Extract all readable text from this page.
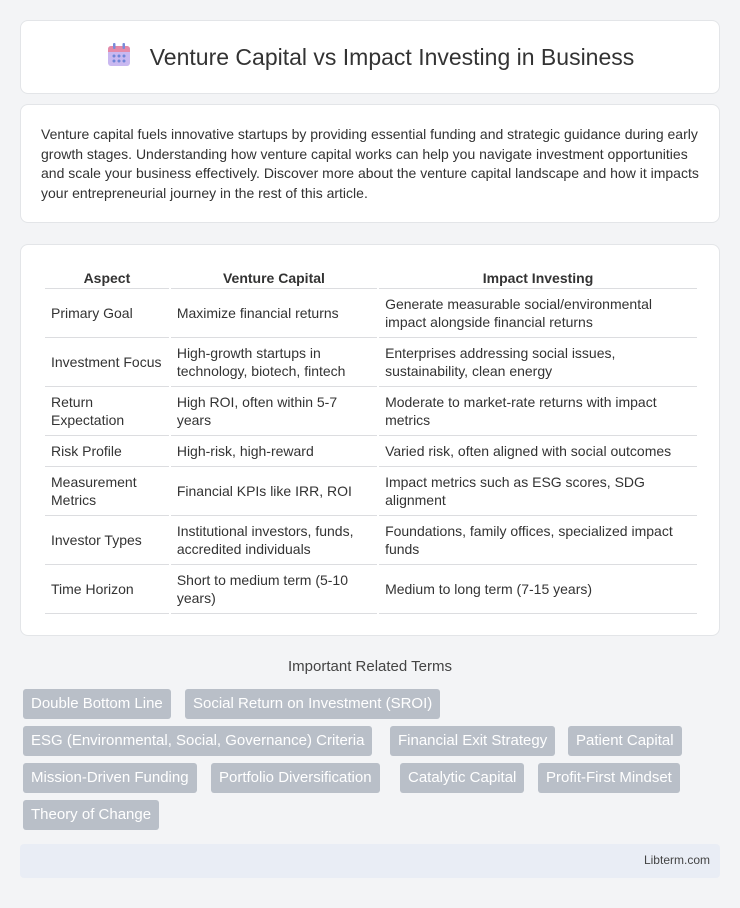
Venture Capital vs Impact Investing in Business

Venture capital fuels innovative startups by providing essential funding and strategic guidance during early growth stages. Understanding how venture capital works can help you navigate investment opportunities and scale your business effectively. Discover more about the venture capital landscape and how it impacts your entrepreneurial journey in the rest of this article.

Aspect	Venture Capital	Impact Investing
Primary Goal	Maximize financial returns	Generate measurable social/environmental impact alongside financial returns
Investment Focus	High-growth startups in technology, biotech, fintech	Enterprises addressing social issues, sustainability, clean energy
Return Expectation	High ROI, often within 5-7 years	Moderate to market-rate returns with impact metrics
Risk Profile	High-risk, high-reward	Varied risk, often aligned with social outcomes
Measurement Metrics	Financial KPIs like IRR, ROI	Impact metrics such as ESG scores, SDG alignment
Investor Types	Institutional investors, funds, accredited individuals	Foundations, family offices, specialized impact funds
Time Horizon	Short to medium term (5-10 years)	Medium to long term (7-15 years)
Important Related Terms
Double Bottom Line	Social Return on Investment (SROI)
ESG (Environmental, Social, Governance) Criteria	Financial Exit Strategy	Patient Capital
Mission-Driven Funding	Portfolio Diversification	Catalytic Capital	Profit-First Mindset
Theory of Change
Libterm.com
